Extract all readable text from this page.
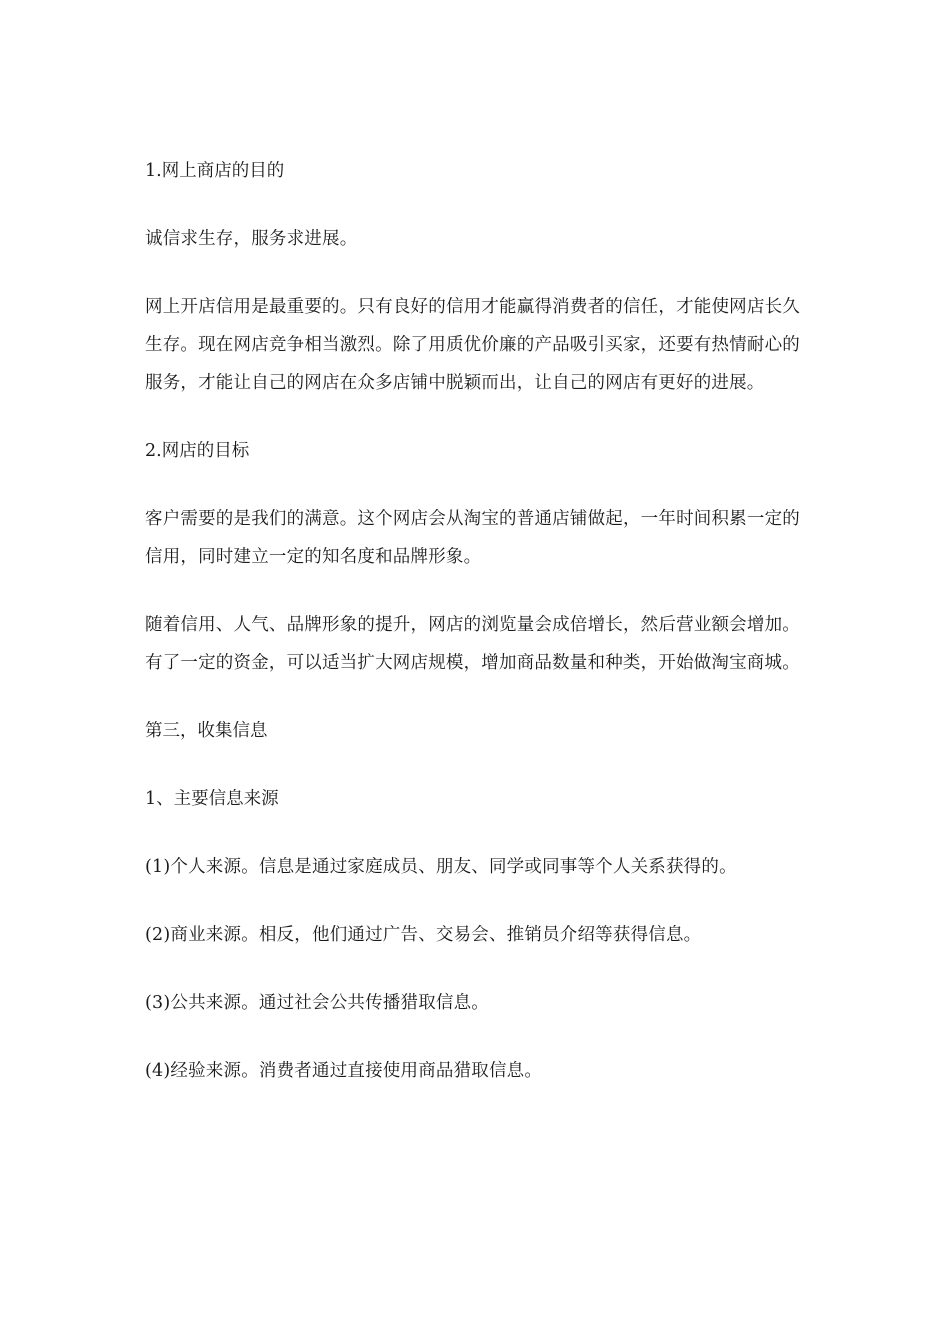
1.网上商店的目的

诚信求生存，服务求进展。

网上开店信用是最重要的。只有良好的信用才能赢得消费者的信任，才能使网店长久生存。现在网店竞争相当激烈。除了用质优价廉的产品吸引买家，还要有热情耐心的服务，才能让自己的网店在众多店铺中脱颖而出，让自己的网店有更好的进展。

2.网店的目标

客户需要的是我们的满意。这个网店会从淘宝的普通店铺做起，一年时间积累一定的信用，同时建立一定的知名度和品牌形象。

随着信用、人气、品牌形象的提升，网店的浏览量会成倍增长，然后营业额会增加。有了一定的资金，可以适当扩大网店规模，增加商品数量和种类，开始做淘宝商城。

第三，收集信息

1、主要信息来源

(1)个人来源。信息是通过家庭成员、朋友、同学或同事等个人关系获得的。

(2)商业来源。相反，他们通过广告、交易会、推销员介绍等获得信息。

(3)公共来源。通过社会公共传播猎取信息。

(4)经验来源。消费者通过直接使用商品猎取信息。
